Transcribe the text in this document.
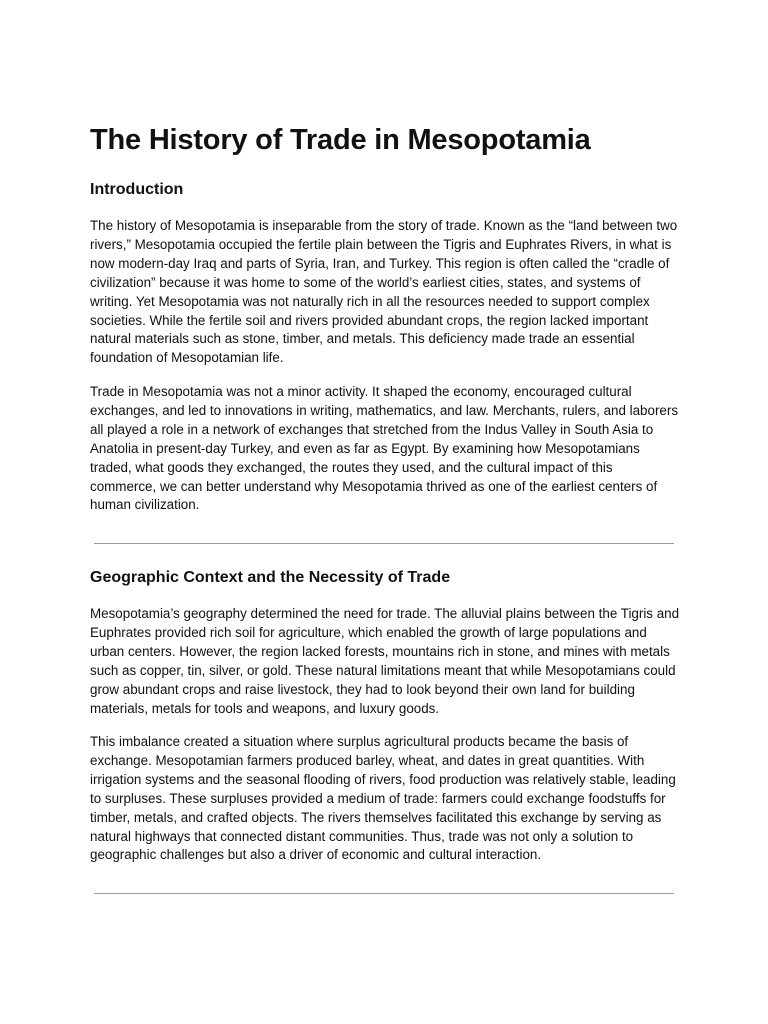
The History of Trade in Mesopotamia
Introduction

The history of Mesopotamia is inseparable from the story of trade. Known as the “land between two rivers,” Mesopotamia occupied the fertile plain between the Tigris and Euphrates Rivers, in what is now modern-day Iraq and parts of Syria, Iran, and Turkey. This region is often called the “cradle of civilization” because it was home to some of the world’s earliest cities, states, and systems of writing. Yet Mesopotamia was not naturally rich in all the resources needed to support complex societies. While the fertile soil and rivers provided abundant crops, the region lacked important natural materials such as stone, timber, and metals. This deficiency made trade an essential foundation of Mesopotamian life.

Trade in Mesopotamia was not a minor activity. It shaped the economy, encouraged cultural exchanges, and led to innovations in writing, mathematics, and law. Merchants, rulers, and laborers all played a role in a network of exchanges that stretched from the Indus Valley in South Asia to Anatolia in present-day Turkey, and even as far as Egypt. By examining how Mesopotamians traded, what goods they exchanged, the routes they used, and the cultural impact of this commerce, we can better understand why Mesopotamia thrived as one of the earliest centers of human civilization.

Geographic Context and the Necessity of Trade

Mesopotamia’s geography determined the need for trade. The alluvial plains between the Tigris and Euphrates provided rich soil for agriculture, which enabled the growth of large populations and urban centers. However, the region lacked forests, mountains rich in stone, and mines with metals such as copper, tin, silver, or gold. These natural limitations meant that while Mesopotamians could grow abundant crops and raise livestock, they had to look beyond their own land for building materials, metals for tools and weapons, and luxury goods.

This imbalance created a situation where surplus agricultural products became the basis of exchange. Mesopotamian farmers produced barley, wheat, and dates in great quantities. With irrigation systems and the seasonal flooding of rivers, food production was relatively stable, leading to surpluses. These surpluses provided a medium of trade: farmers could exchange foodstuffs for timber, metals, and crafted objects. The rivers themselves facilitated this exchange by serving as natural highways that connected distant communities. Thus, trade was not only a solution to geographic challenges but also a driver of economic and cultural interaction.
